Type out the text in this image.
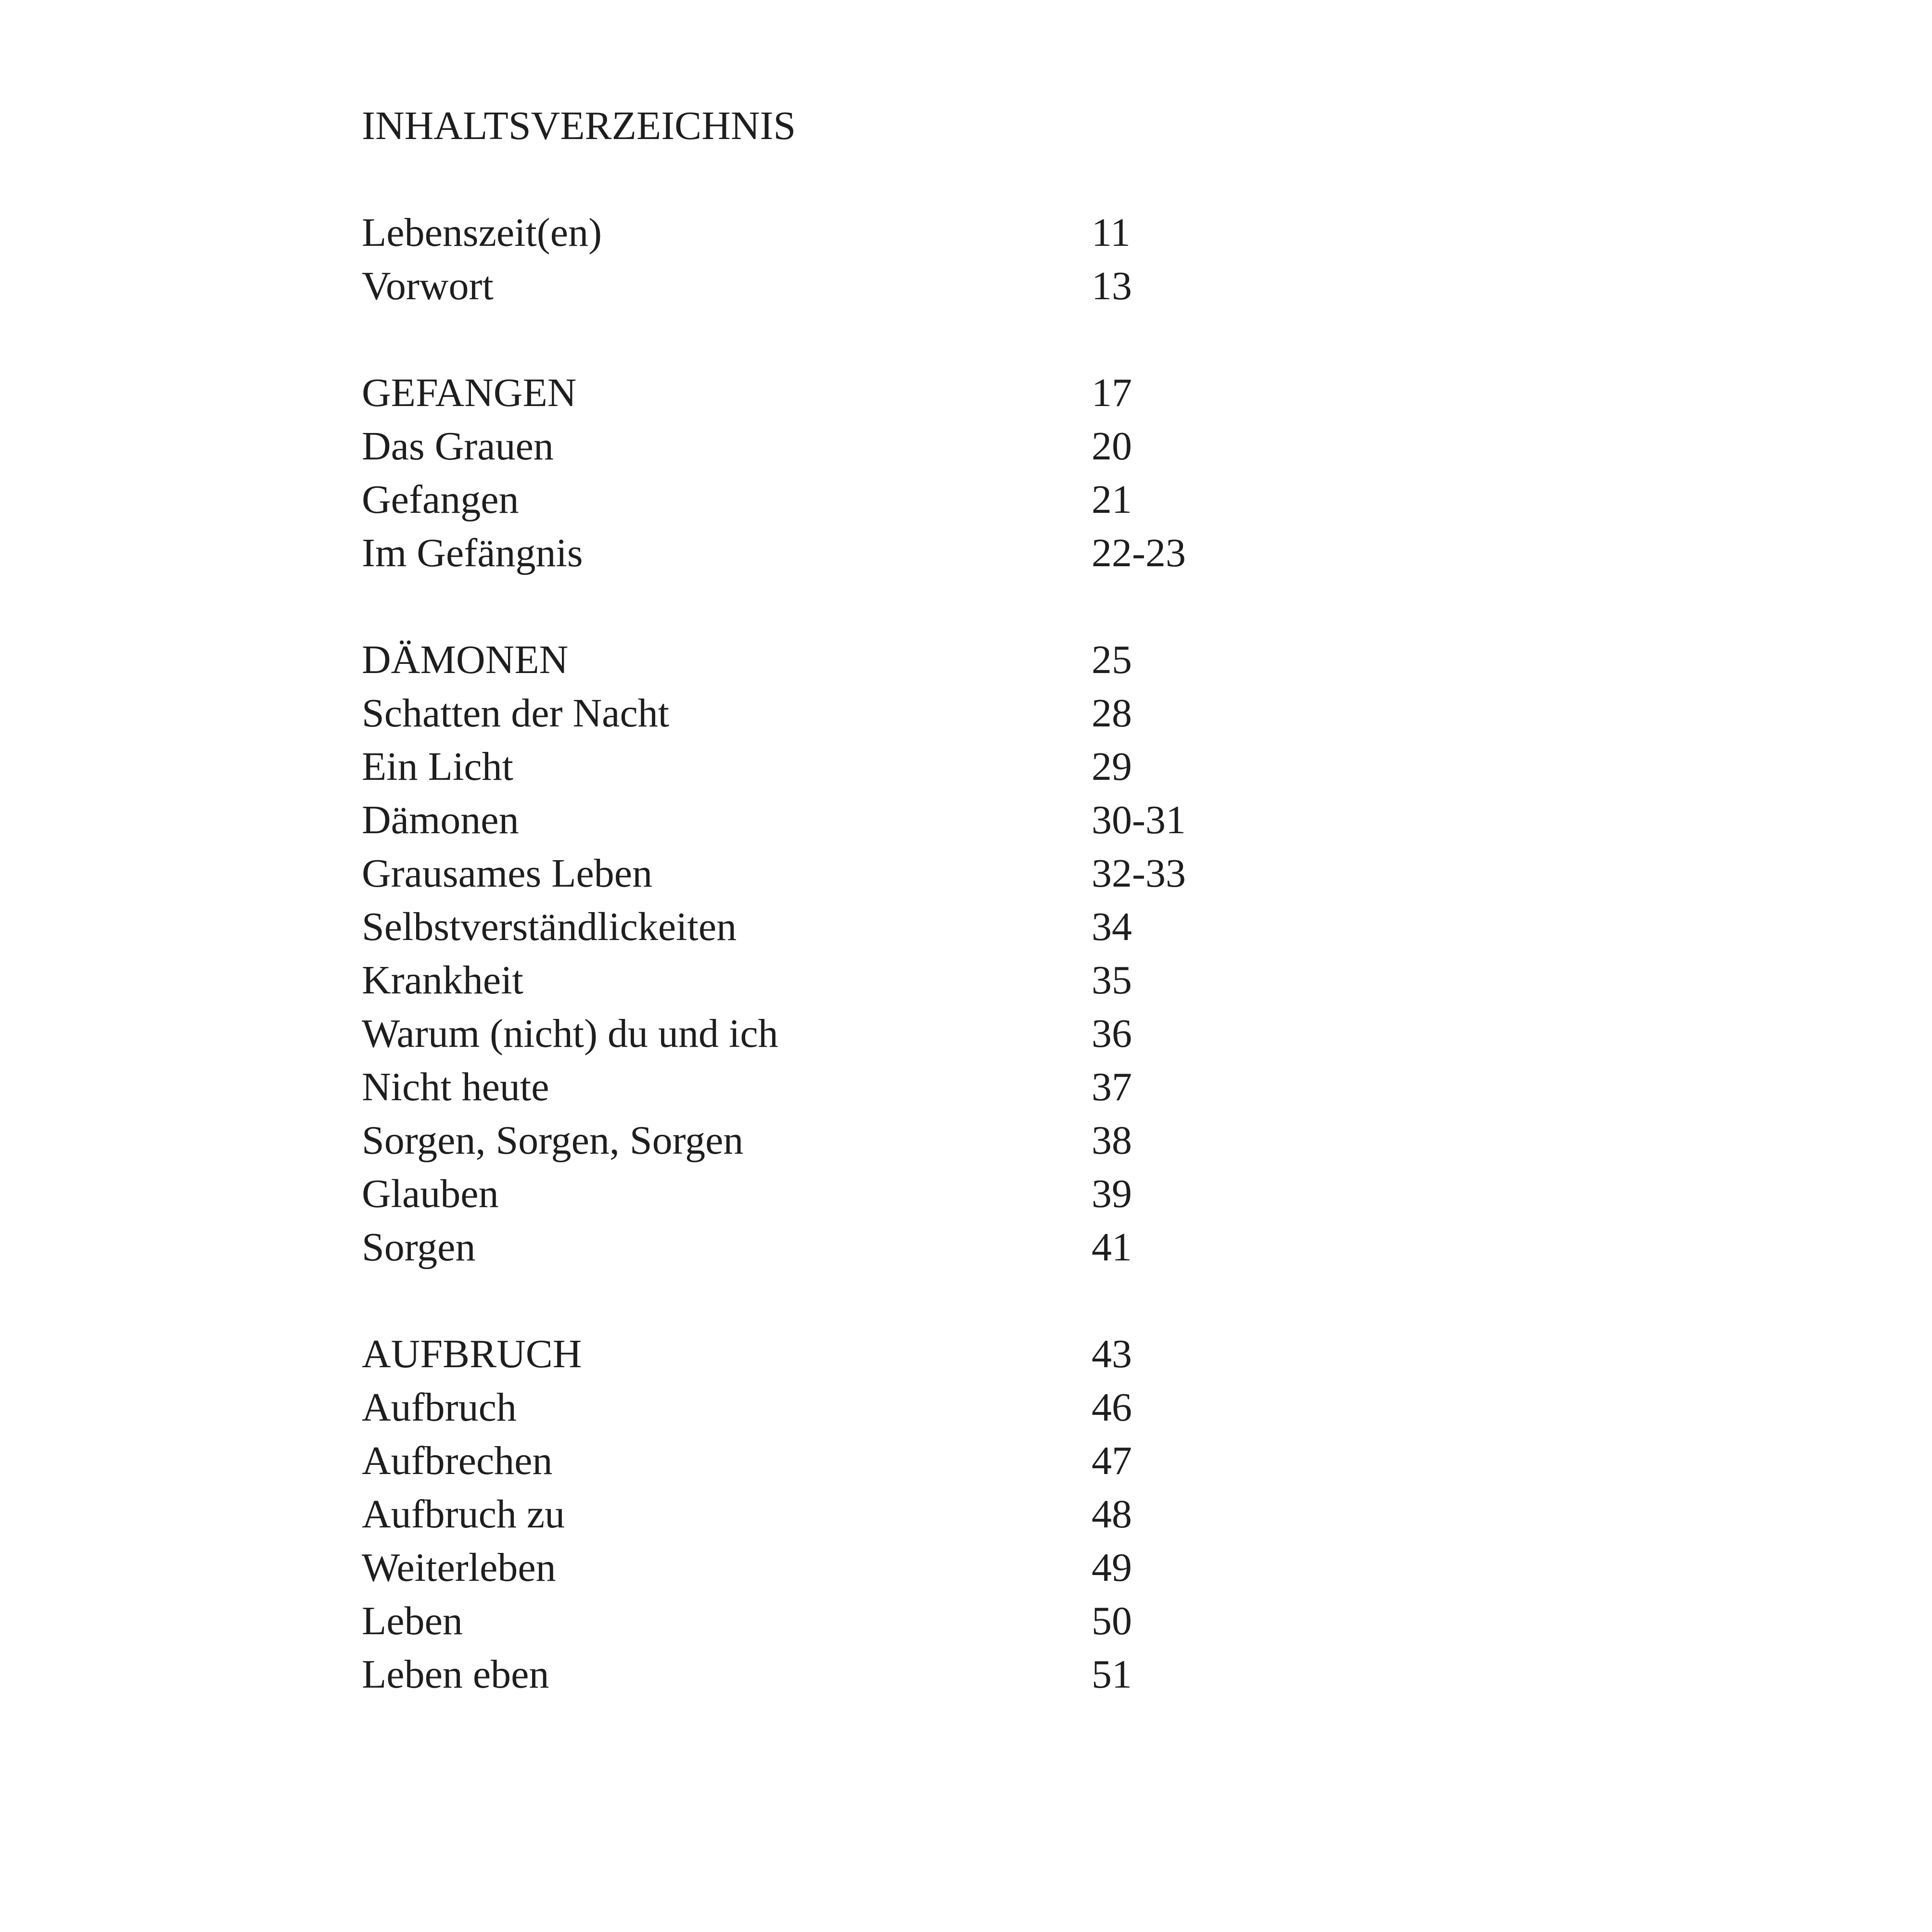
INHALTSVERZEICHNIS
Lebenszeit(en)	11
Vorwort	13
GEFANGEN	17
Das Grauen	20
Gefangen	21
Im Gefängnis	22-23
DÄMONEN	25
Schatten der Nacht	28
Ein Licht	29
Dämonen	30-31
Grausames Leben	32-33
Selbstverständlickeiten	34
Krankheit	35
Warum (nicht) du und ich	36
Nicht heute	37
Sorgen, Sorgen, Sorgen	38
Glauben	39
Sorgen	41
AUFBRUCH	43
Aufbruch	46
Aufbrechen	47
Aufbruch zu	48
Weiterleben	49
Leben	50
Leben eben	51
